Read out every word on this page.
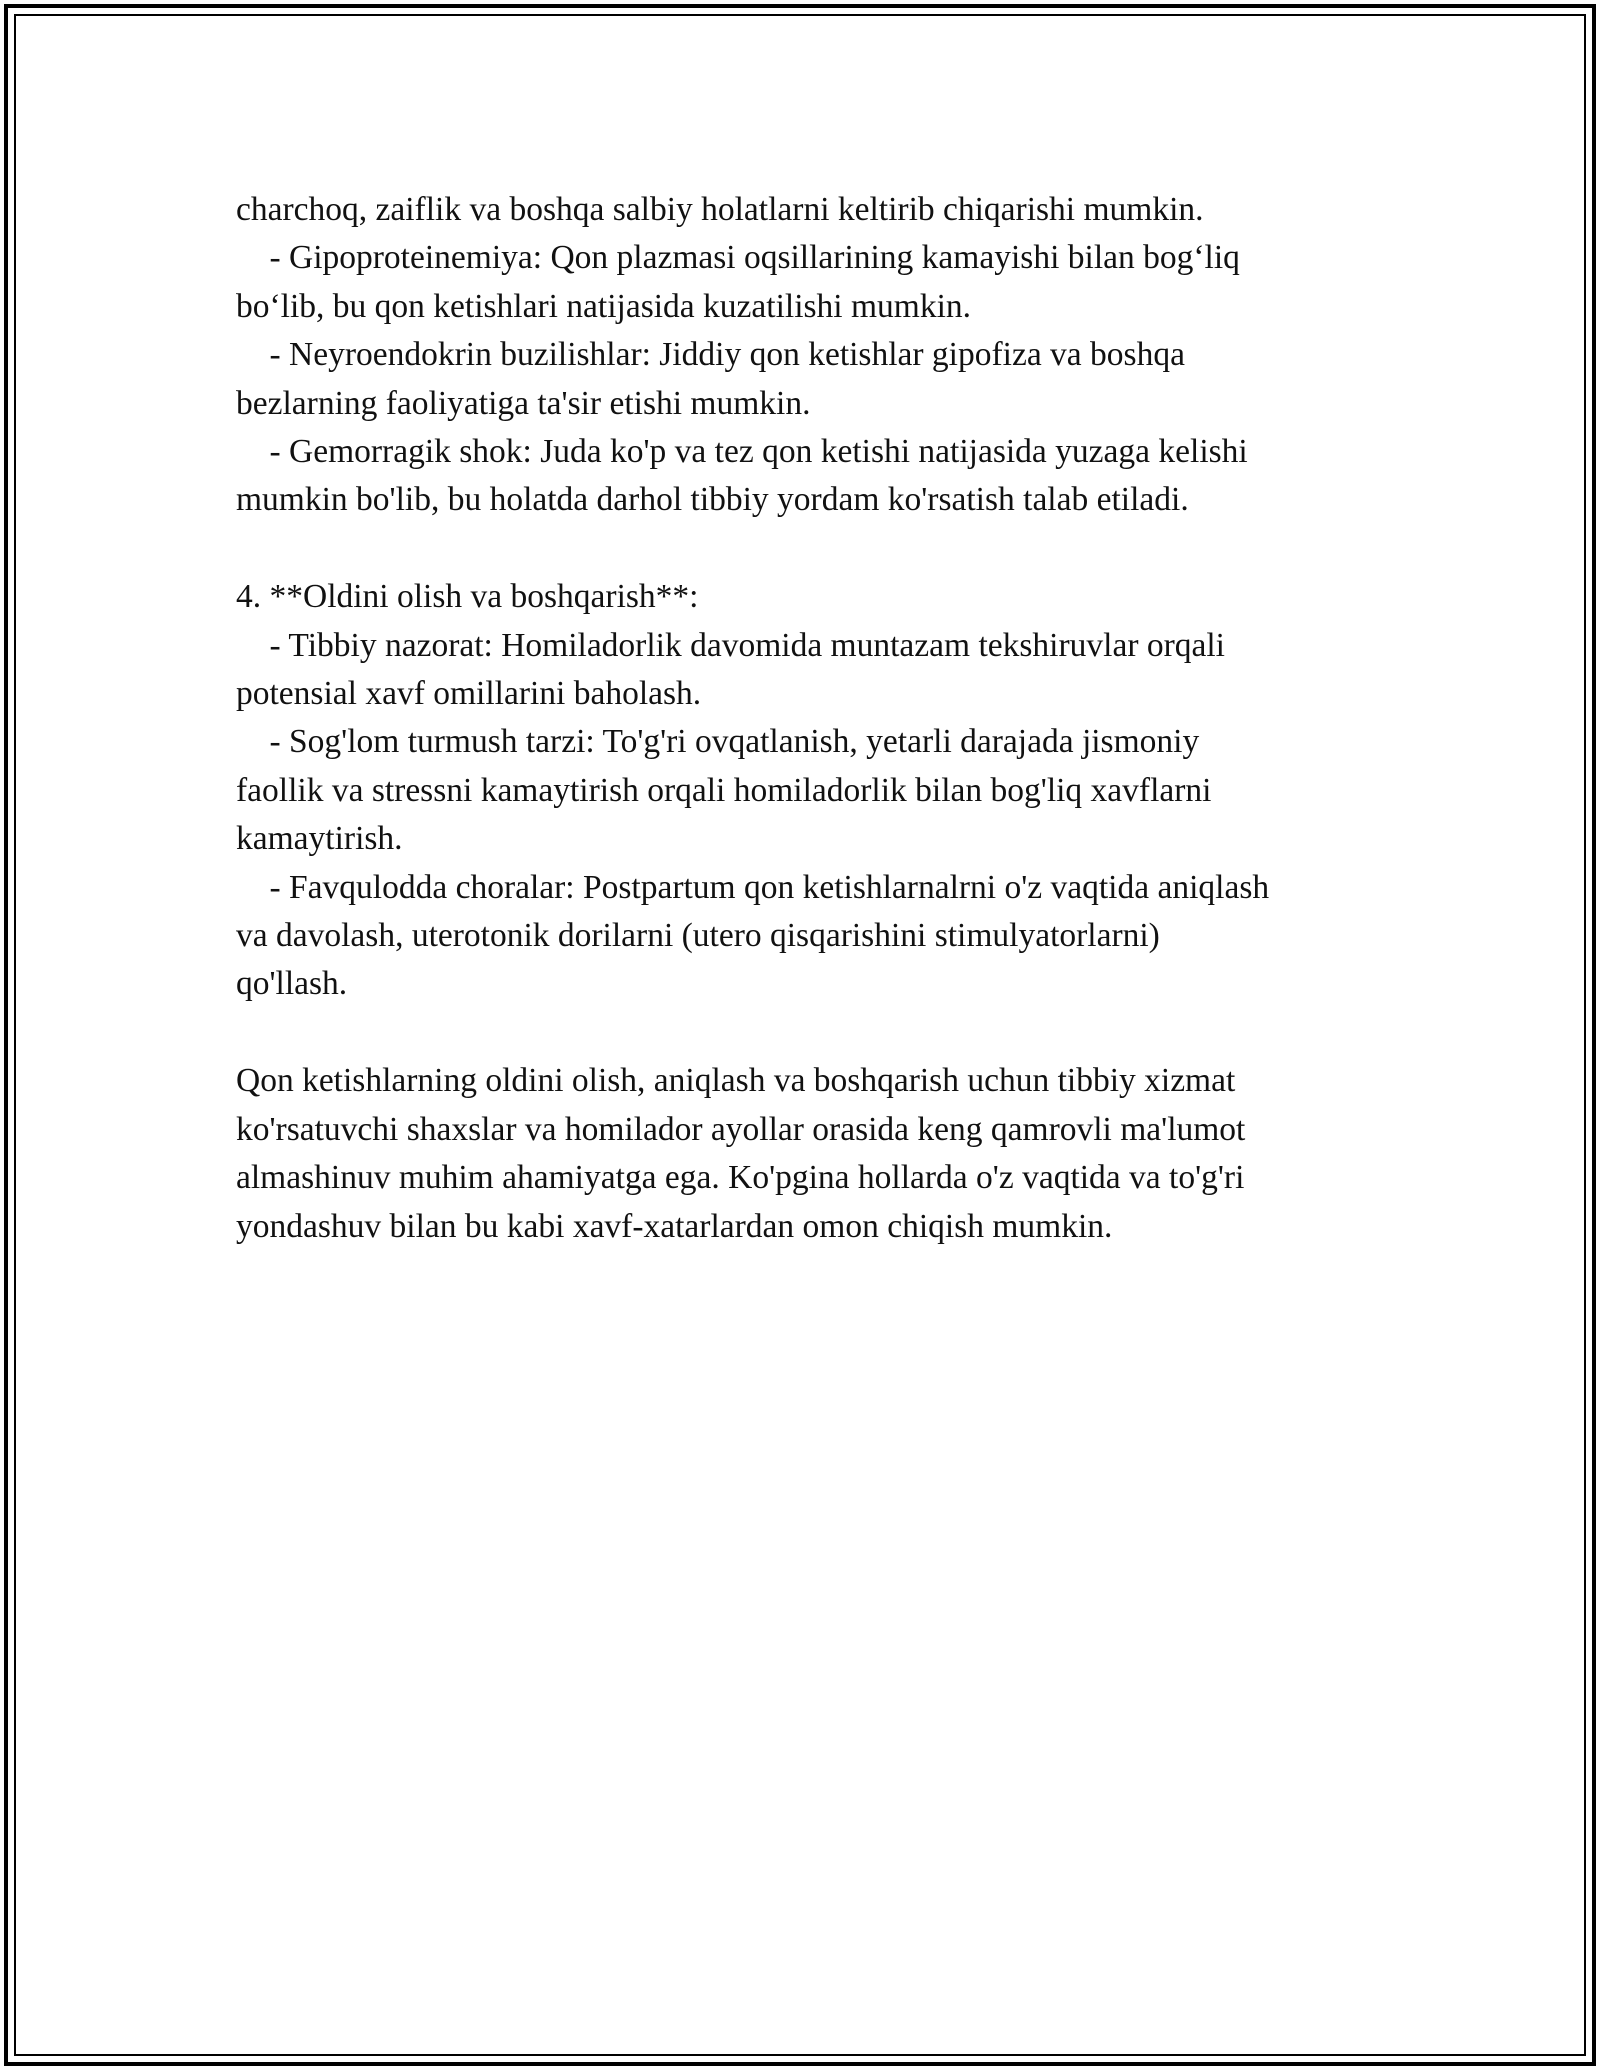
charchoq, zaiflik va boshqa salbiy holatlarni keltirib chiqarishi mumkin.

- Gipoproteinemiya: Qon plazmasi oqsillarining kamayishi bilan bog‘liq

bo‘lib, bu qon ketishlari natijasida kuzatilishi mumkin.

- Neyroendokrin buzilishlar: Jiddiy qon ketishlar gipofiza va boshqa

bezlarning faoliyatiga ta'sir etishi mumkin.

- Gemorragik shok: Juda ko'p va tez qon ketishi natijasida yuzaga kelishi

mumkin bo'lib, bu holatda darhol tibbiy yordam ko'rsatish talab etiladi.

4. **Oldini olish va boshqarish**:

- Tibbiy nazorat: Homiladorlik davomida muntazam tekshiruvlar orqali

potensial xavf omillarini baholash.

- Sog'lom turmush tarzi: To'g'ri ovqatlanish, yetarli darajada jismoniy

faollik va stressni kamaytirish orqali homiladorlik bilan bog'liq xavflarni

kamaytirish.

- Favqulodda choralar: Postpartum qon ketishlarnalrni o'z vaqtida aniqlash

va davolash, uterotonik dorilarni (utero qisqarishini stimulyatorlarni)

qo'llash.

Qon ketishlarning oldini olish, aniqlash va boshqarish uchun tibbiy xizmat

ko'rsatuvchi shaxslar va homilador ayollar orasida keng qamrovli ma'lumot

almashinuv muhim ahamiyatga ega. Ko'pgina hollarda o'z vaqtida va to'g'ri

yondashuv bilan bu kabi xavf-xatarlardan omon chiqish mumkin.
